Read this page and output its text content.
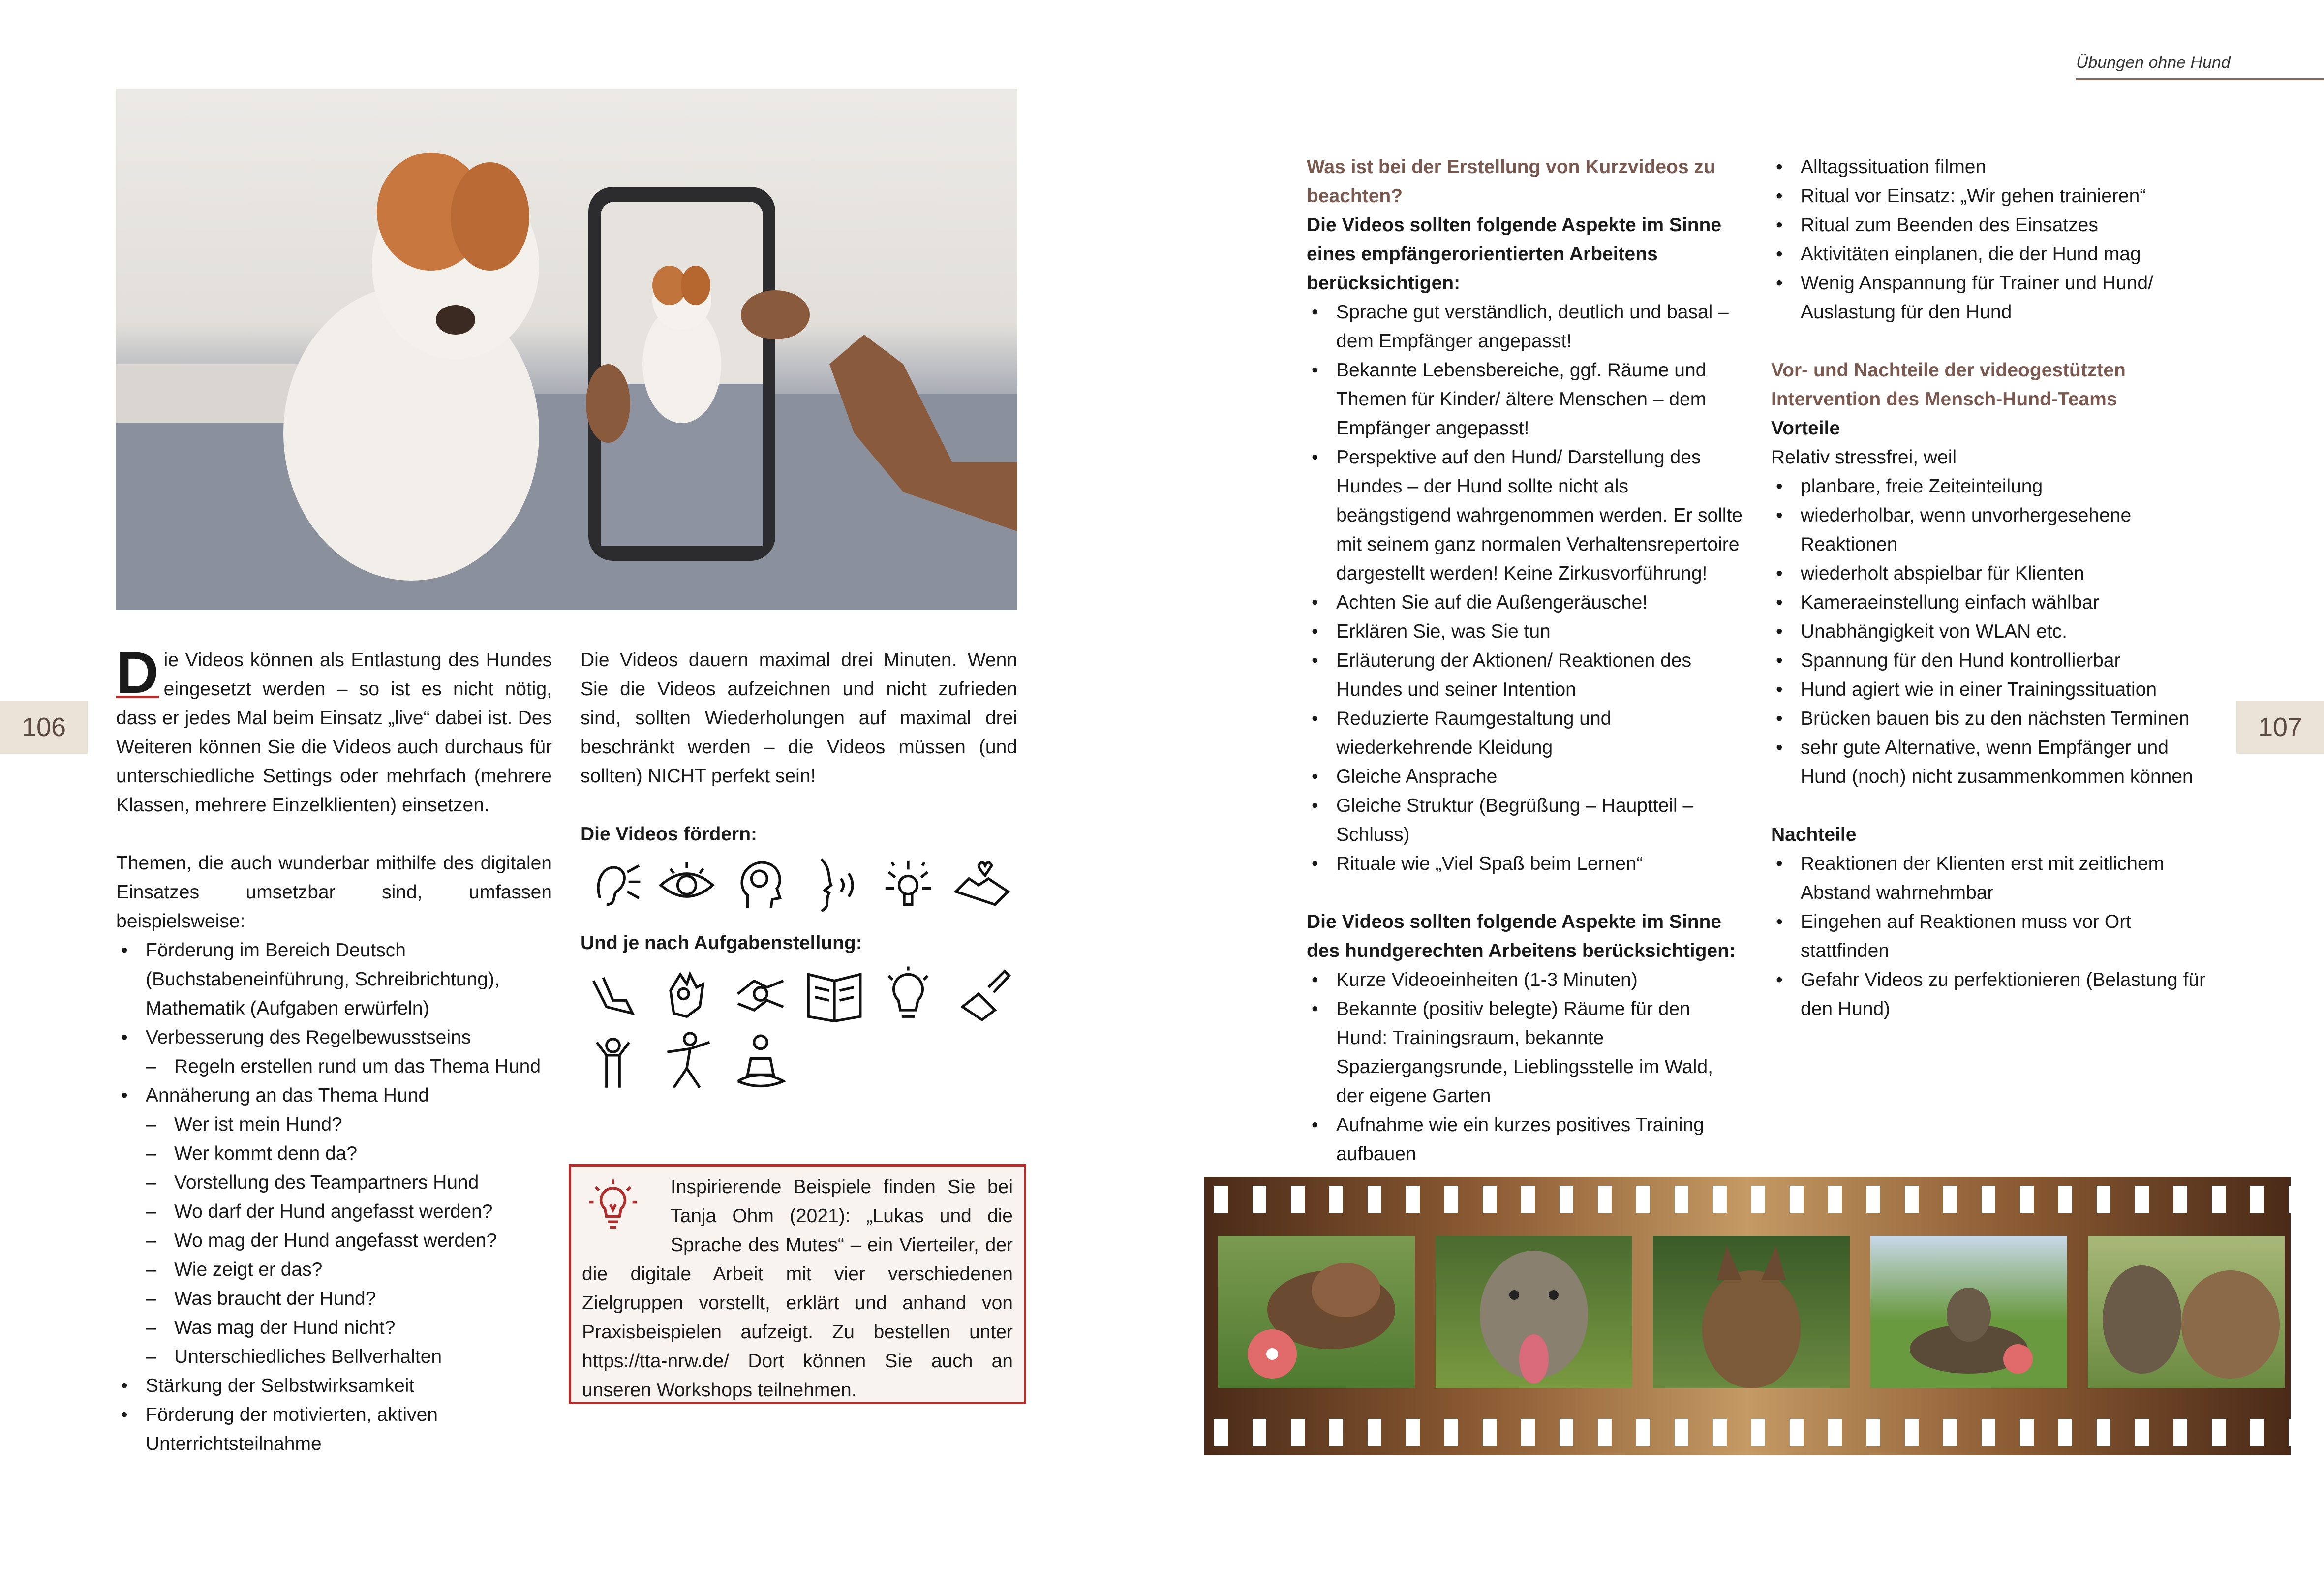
Übungen ohne Hund
106	107
D ie Videos können als Entlastung des Hundes eingesetzt werden – so ist es nicht nötig, dass er jedes Mal beim Einsatz „live“ dabei ist. Des Weiteren können Sie die Videos auch durchaus für unterschiedliche Settings oder mehrfach (mehrere Klassen, mehrere Einzelklienten) einsetzen.
Themen, die auch wunderbar mithilfe des digitalen Einsatzes umsetzbar sind, umfassen beispielsweise:
• Förderung im Bereich Deutsch (Buchstabeneinführung, Schreibrichtung), Mathematik (Aufgaben erwürfeln)
• Verbesserung des Regelbewusstseins
– Regeln erstellen rund um das Thema Hund
• Annäherung an das Thema Hund
– Wer ist mein Hund?
– Wer kommt denn da?
– Vorstellung des Teampartners Hund
– Wo darf der Hund angefasst werden?
– Wo mag der Hund angefasst werden?
– Wie zeigt er das?
– Was braucht der Hund?
– Was mag der Hund nicht?
– Unterschiedliches Bellverhalten
• Stärkung der Selbstwirksamkeit
• Förderung der motivierten, aktiven Unterrichtsteilnahme
Die Videos dauern maximal drei Minuten. Wenn Sie die Videos aufzeichnen und nicht zufrieden sind, sollten Wiederholungen auf maximal drei beschränkt werden – die Videos müssen (und sollten) NICHT perfekt sein!
Die Videos fördern:
Und je nach Aufgabenstellung:
Inspirierende Beispiele finden Sie bei Tanja Ohm (2021): „Lukas und die Sprache des Mutes“ – ein Vierteiler, der die digitale Arbeit mit vier verschiedenen Zielgruppen vorstellt, erklärt und anhand von Praxisbeispielen aufzeigt. Zu bestellen unter https://tta-nrw.de/ Dort können Sie auch an unseren Workshops teilnehmen.
Was ist bei der Erstellung von Kurzvideos zu beachten?
Die Videos sollten folgende Aspekte im Sinne eines empfängerorientierten Arbeitens berücksichtigen:
• Sprache gut verständlich, deutlich und basal – dem Empfänger angepasst!
• Bekannte Lebensbereiche, ggf. Räume und Themen für Kinder/ ältere Menschen – dem Empfänger angepasst!
• Perspektive auf den Hund/ Darstellung des Hundes – der Hund sollte nicht als beängstigend wahrgenommen werden. Er sollte mit seinem ganz normalen Verhaltensrepertoire dargestellt werden! Keine Zirkusvorführung!
• Achten Sie auf die Außengeräusche!
• Erklären Sie, was Sie tun
• Erläuterung der Aktionen/ Reaktionen des Hundes und seiner Intention
• Reduzierte Raumgestaltung und wiederkehrende Kleidung
• Gleiche Ansprache
• Gleiche Struktur (Begrüßung – Hauptteil – Schluss)
• Rituale wie „Viel Spaß beim Lernen“
Die Videos sollten folgende Aspekte im Sinne des hundgerechten Arbeitens berücksichtigen:
• Kurze Videoeinheiten (1-3 Minuten)
• Bekannte (positiv belegte) Räume für den Hund: Trainingsraum, bekannte Spaziergangsrunde, Lieblingsstelle im Wald, der eigene Garten
• Aufnahme wie ein kurzes positives Training aufbauen
• Alltagssituation filmen
• Ritual vor Einsatz: „Wir gehen trainieren“
• Ritual zum Beenden des Einsatzes
• Aktivitäten einplanen, die der Hund mag
• Wenig Anspannung für Trainer und Hund/ Auslastung für den Hund
Vor- und Nachteile der videogestützten Intervention des Mensch-Hund-Teams
Vorteile
Relativ stressfrei, weil
• planbare, freie Zeiteinteilung
• wiederholbar, wenn unvorhergesehene Reaktionen
• wiederholt abspielbar für Klienten
• Kameraeinstellung einfach wählbar
• Unabhängigkeit von WLAN etc.
• Spannung für den Hund kontrollierbar
• Hund agiert wie in einer Trainingssituation
• Brücken bauen bis zu den nächsten Terminen
• sehr gute Alternative, wenn Empfänger und Hund (noch) nicht zusammenkommen können
Nachteile
• Reaktionen der Klienten erst mit zeitlichem Abstand wahrnehmbar
• Eingehen auf Reaktionen muss vor Ort stattfinden
• Gefahr Videos zu perfektionieren (Belastung für den Hund)
